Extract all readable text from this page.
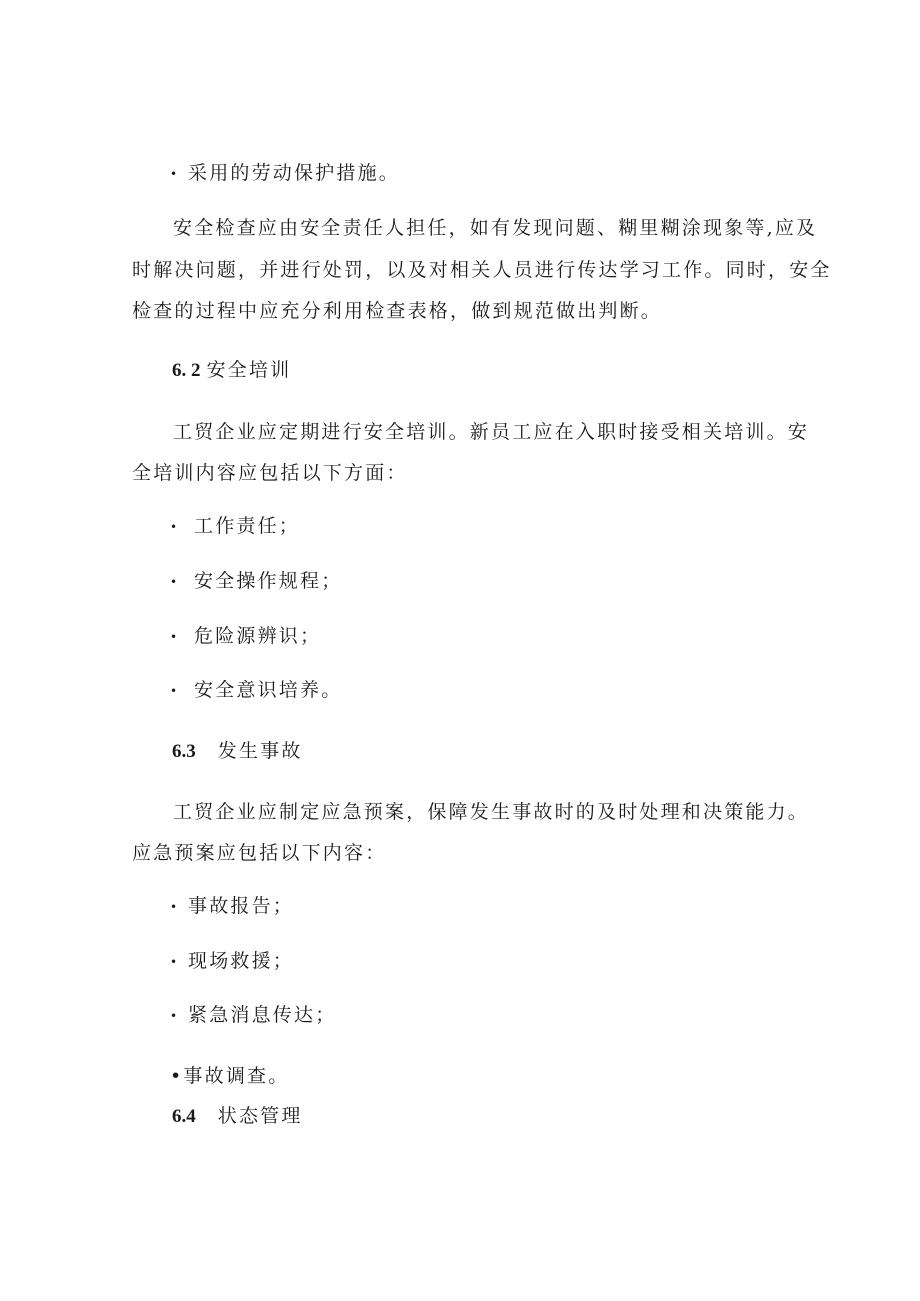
• 采用的劳动保护措施。
安全检查应由安全责任人担任，如有发现问题、糊里糊涂现象等,应及
时解决问题，并进行处罚，以及对相关人员进行传达学习工作。同时，安全
检查的过程中应充分利用检查表格，做到规范做出判断。
6. 2 安全培训
工贸企业应定期进行安全培训。新员工应在入职时接受相关培训。安
全培训内容应包括以下方面：
• 工作责任；
• 安全操作规程；
• 危险源辨识；
• 安全意识培养。
6.3 发生事故
工贸企业应制定应急预案，保障发生事故时的及时处理和决策能力。
应急预案应包括以下内容：
• 事故报告；
• 现场救援；
• 紧急消息传达；
•事故调查。
6.4 状态管理
